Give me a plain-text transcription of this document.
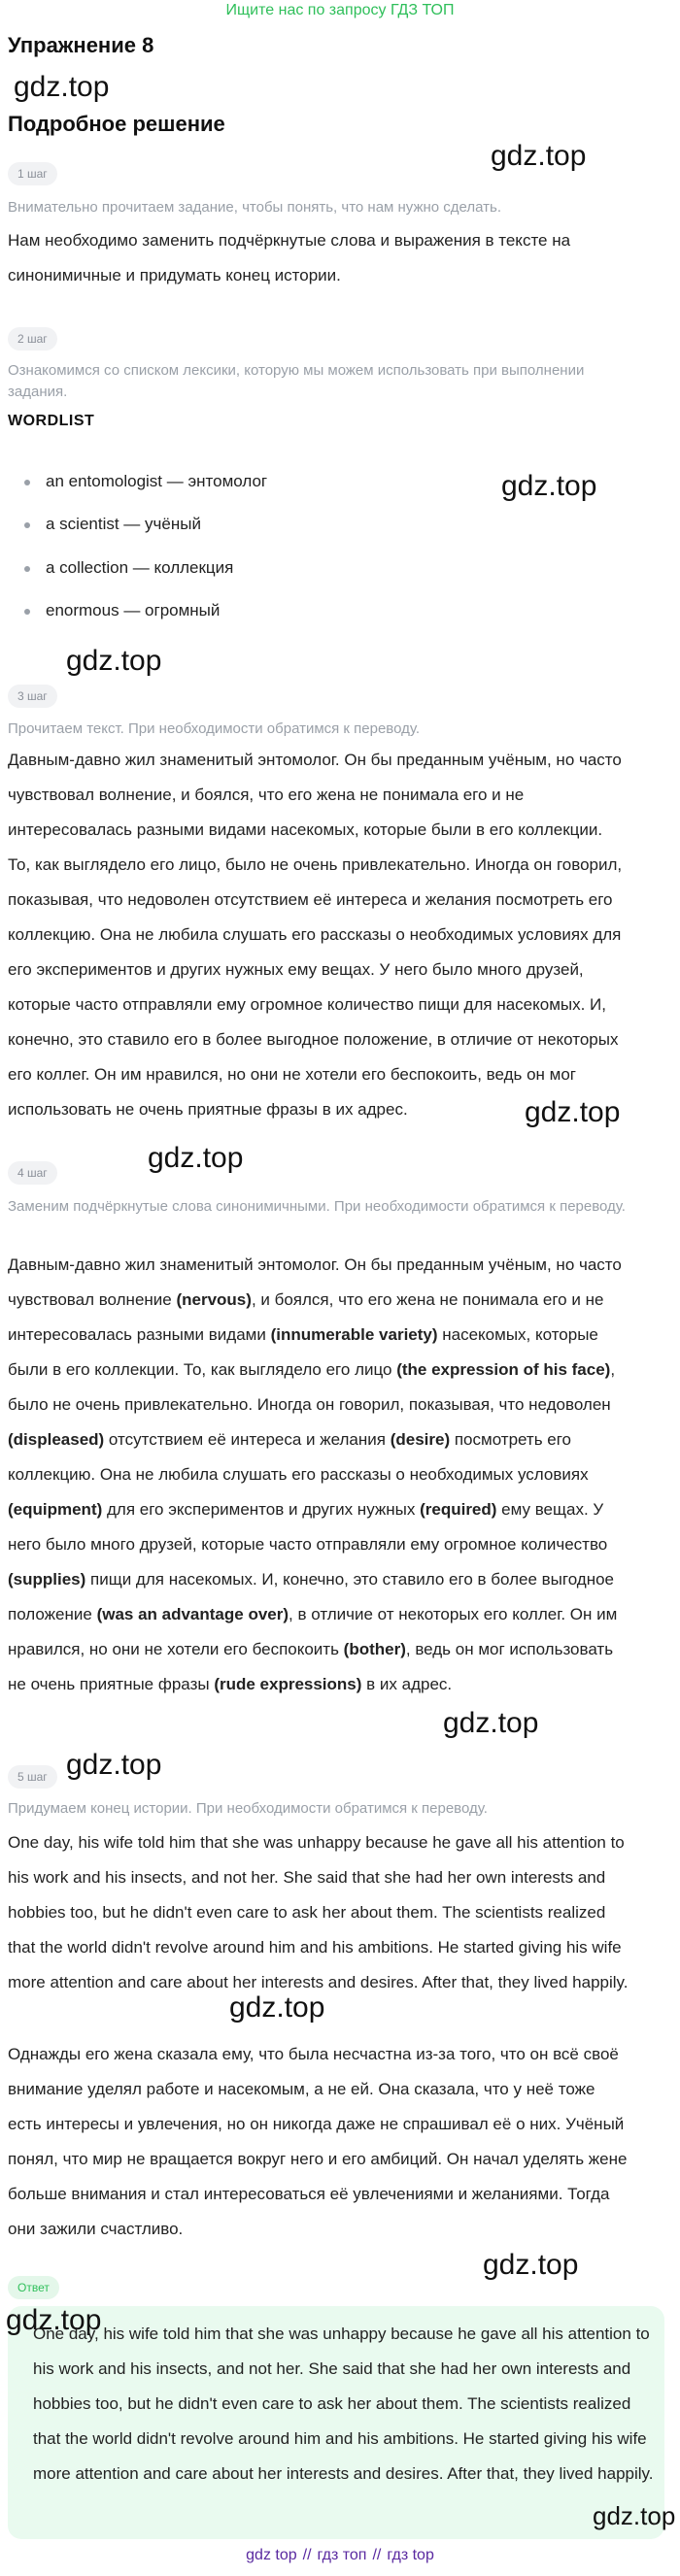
Ищите нас по запросу ГДЗ ТОП
Упражнение 8
gdz.top
Подробное решение
gdz.top
1 шаг
Внимательно прочитаем задание, чтобы понять, что нам нужно сделать.
Нам необходимо заменить подчёркнутые слова и выражения в тексте на синонимичные и придумать конец истории.
2 шаг
Ознакомимся со списком лексики, которую мы можем использовать при выполнении задания.
WORDLIST
an entomologist — энтомолог	gdz.top
a scientist — учёный
a collection — коллекция
enormous — огромный
gdz.top
3 шаг
Прочитаем текст. При необходимости обратимся к переводу.
Давным-давно жил знаменитый энтомолог. Он бы преданным учёным, но часто чувствовал волнение, и боялся, что его жена не понимала его и не интересовалась разными видами насекомых, которые были в его коллекции. То, как выглядело его лицо, было не очень привлекательно. Иногда он говорил, показывая, что недоволен отсутствием её интереса и желания посмотреть его коллекцию. Она не любила слушать его рассказы о необходимых условиях для его экспериментов и других нужных ему вещах. У него было много друзей, которые часто отправляли ему огромное количество пищи для насекомых. И, конечно, это ставило его в более выгодное положение, в отличие от некоторых его коллег. Он им нравился, но они не хотели его беспокоить, ведь он мог использовать не очень приятные фразы в их адрес.	gdz.top
gdz.top
4 шаг
Заменим подчёркнутые слова синонимичными. При необходимости обратимся к переводу.
Давным-давно жил знаменитый энтомолог. Он бы преданным учёным, но часто чувствовал волнение (nervous), и боялся, что его жена не понимала его и не интересовалась разными видами (innumerable variety) насекомых, которые были в его коллекции. То, как выглядело его лицо (the expression of his face), было не очень привлекательно. Иногда он говорил, показывая, что недоволен (displeased) отсутствием её интереса и желания (desire) посмотреть его коллекцию. Она не любила слушать его рассказы о необходимых условиях (equipment) для его экспериментов и других нужных (required) ему вещах. У него было много друзей, которые часто отправляли ему огромное количество (supplies) пищи для насекомых. И, конечно, это ставило его в более выгодное положение (was an advantage over), в отличие от некоторых его коллег. Он им нравился, но они не хотели его беспокоить (bother), ведь он мог использовать не очень приятные фразы (rude expressions) в их адрес.
gdz.top
gdz.top
5 шаг
Придумаем конец истории. При необходимости обратимся к переводу.
One day, his wife told him that she was unhappy because he gave all his attention to his work and his insects, and not her. She said that she had her own interests and hobbies too, but he didn't even care to ask her about them. The scientists realized that the world didn't revolve around him and his ambitions. He started giving his wife more attention and care about her interests and desires. After that, they lived happily.
gdz.top
Однажды его жена сказала ему, что была несчастна из-за того, что он всё своё внимание уделял работе и насекомым, а не ей. Она сказала, что у неё тоже есть интересы и увлечения, но он никогда даже не спрашивал её о них. Учёный понял, что мир не вращается вокруг него и его амбиций. Он начал уделять жене больше внимания и стал интересоваться её увлечениями и желаниями. Тогда они зажили счастливо.
gdz.top
Ответ
gdz.top
One day, his wife told him that she was unhappy because he gave all his attention to his work and his insects, and not her. She said that she had her own interests and hobbies too, but he didn't even care to ask her about them. The scientists realized that the world didn't revolve around him and his ambitions. He started giving his wife more attention and care about her interests and desires. After that, they lived happily.
gdz.top
gdz top // гдз топ // гдз top
